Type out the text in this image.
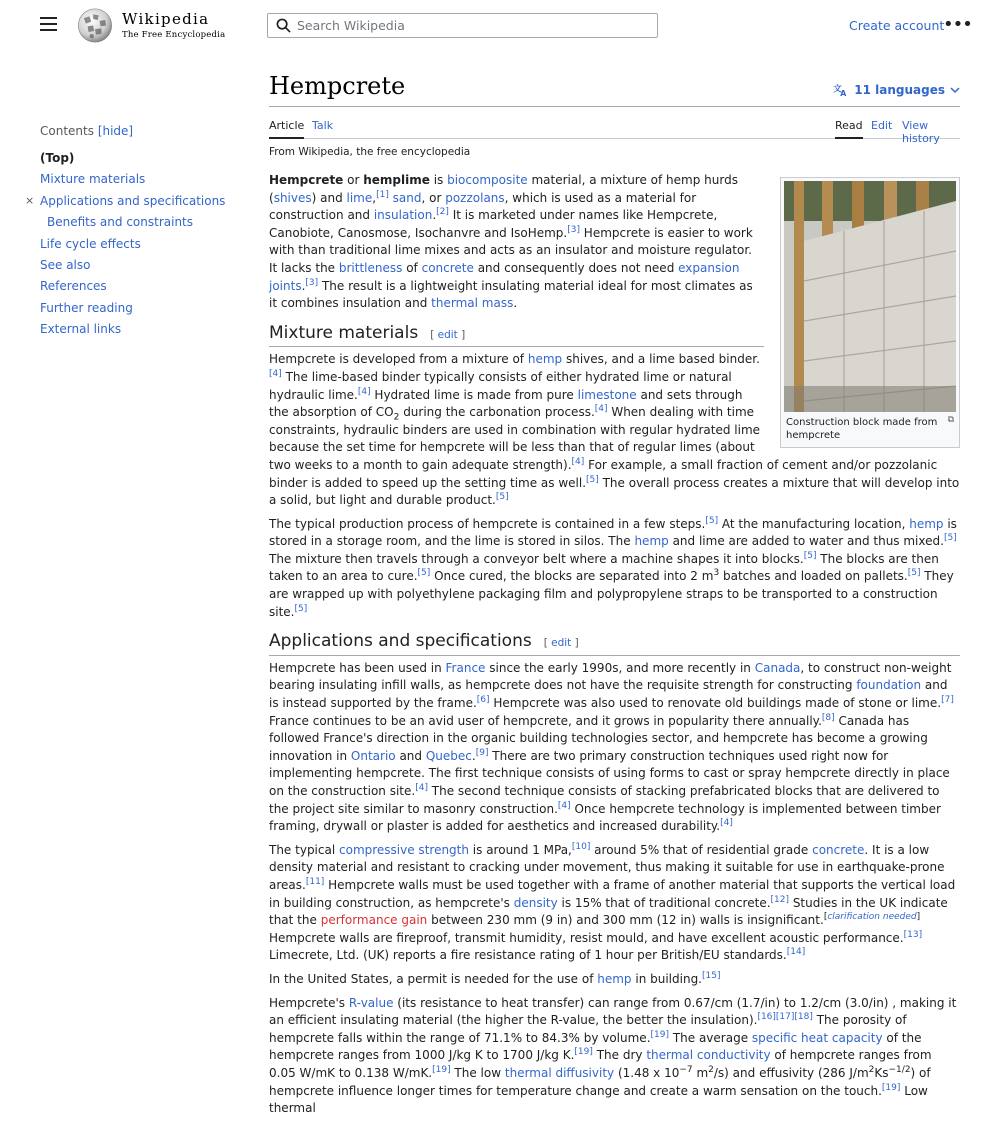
Wikipedia
The Free Encyclopedia
Search Wikipedia
Create account
•••
Contents [hide]
(Top)
Mixture materials
× Applications and specifications
Benefits and constraints
Life cycle effects
See also
References
Further reading
External links
Hempcrete	文
A 11 languages
Article Talk	Read Edit View history
From Wikipedia, the free encyclopedia
Construction block made from hempcrete
⧉

Hempcrete or hemplime is biocomposite material, a mixture of hemp hurds (shives) and lime,[1] sand, or pozzolans, which is used as a material for construction and insulation.[2] It is marketed under names like Hempcrete, Canobiote, Canosmose, Isochanvre and IsoHemp.[3] Hempcrete is easier to work with than traditional lime mixes and acts as an insulator and moisture regulator. It lacks the brittleness of concrete and consequently does not need expansion joints.[3] The result is a lightweight insulating material ideal for most climates as it combines insulation and thermal mass.

Mixture materials [ edit ]

Hempcrete is developed from a mixture of hemp shives, and a lime based binder.[4] The lime-based binder typically consists of either hydrated lime or natural hydraulic lime.[4] Hydrated lime is made from pure limestone and sets through the absorption of $CO_2$ during the carbonation process.[4] When dealing with time constraints, hydraulic binders are used in combination with regular hydrated lime because the set time for hempcrete will be less than that of regular limes (about two weeks to a month to gain adequate strength).[4] For example, a small fraction of cement and/or pozzolanic binder is added to speed up the setting time as well.[5] The overall process creates a mixture that will develop into a solid, but light and durable product.[5]

The typical production process of hempcrete is contained in a few steps.[5] At the manufacturing location, hemp is stored in a storage room, and the lime is stored in silos. The hemp and lime are added to water and thus mixed.[5] The mixture then travels through a conveyor belt where a machine shapes it into blocks.[5] The blocks are then taken to an area to cure.[5] Once cured, the blocks are separated into 2 $m^3$ batches and loaded on pallets.[5] They are wrapped up with polyethylene packaging film and polypropylene straps to be transported to a construction site.[5]

Applications and specifications [ edit ]

Hempcrete has been used in France since the early 1990s, and more recently in Canada, to construct non-weight bearing insulating infill walls, as hempcrete does not have the requisite strength for constructing foundation and is instead supported by the frame.[6] Hempcrete was also used to renovate old buildings made of stone or lime.[7] France continues to be an avid user of hempcrete, and it grows in popularity there annually.[8] Canada has followed France's direction in the organic building technologies sector, and hempcrete has become a growing innovation in Ontario and Quebec.[9] There are two primary construction techniques used right now for implementing hempcrete. The first technique consists of using forms to cast or spray hempcrete directly in place on the construction site.[4] The second technique consists of stacking prefabricated blocks that are delivered to the project site similar to masonry construction.[4] Once hempcrete technology is implemented between timber framing, drywall or plaster is added for aesthetics and increased durability.[4]

The typical compressive strength is around 1 MPa,[10] around 5% that of residential grade concrete. It is a low density material and resistant to cracking under movement, thus making it suitable for use in earthquake-prone areas.[11] Hempcrete walls must be used together with a frame of another material that supports the vertical load in building construction, as hempcrete's density is 15% that of traditional concrete.[12] Studies in the UK indicate that the performance gain between 230 mm (9 in) and 300 mm (12 in) walls is insignificant.[clarification needed] Hempcrete walls are fireproof, transmit humidity, resist mould, and have excellent acoustic performance.[13] Limecrete, Ltd. (UK) reports a fire resistance rating of 1 hour per British/EU standards.[14]

In the United States, a permit is needed for the use of hemp in building.[15]

Hempcrete's R-value (its resistance to heat transfer) can range from 0.67/cm (1.7/in) to 1.2/cm (3.0/in) , making it an efficient insulating material (the higher the R-value, the better the insulation).[16][17][18] The porosity of hempcrete falls within the range of 71.1% to 84.3% by volume.[19] The average specific heat capacity of the hempcrete ranges from 1000 J/kg K to 1700 J/kg K.[19] The dry thermal conductivity of hempcrete ranges from 0.05 W/mK to 0.138 W/mK.[19] The low thermal diffusivity (1.48 x $10^{-7}$ $m^2/s$) and effusivity (286 $J/m^2Ks^{-1/2}$) of hempcrete influence longer times for temperature change and create a warm sensation on the touch.[19] Low thermal
